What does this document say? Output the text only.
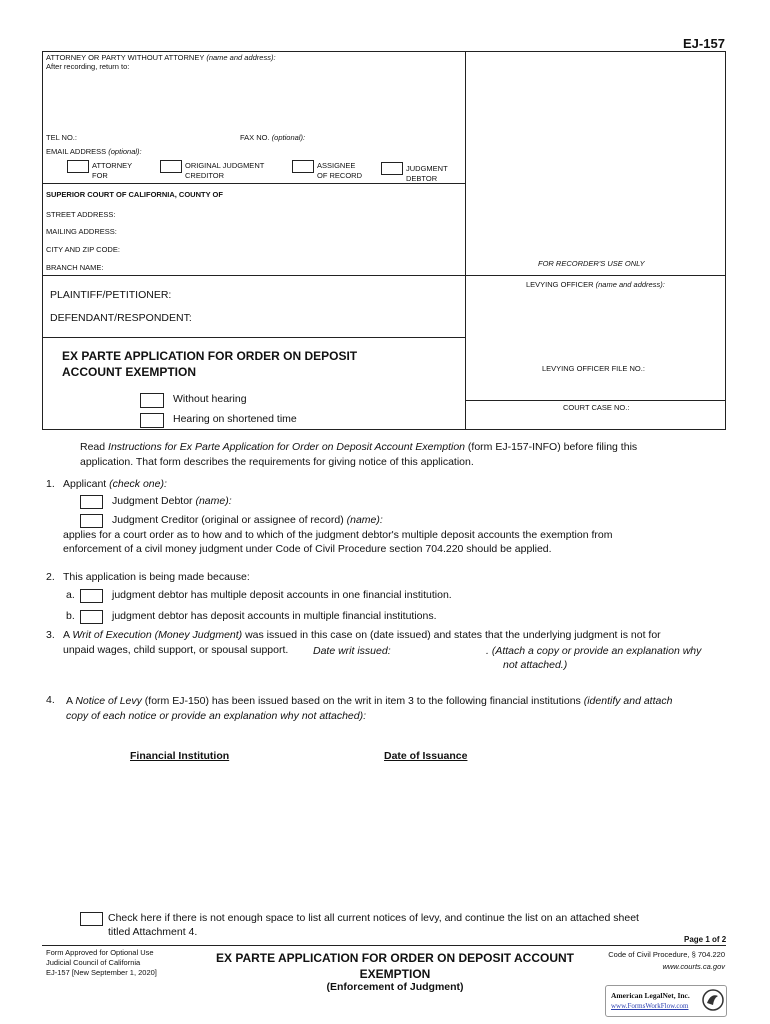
EJ-157
ATTORNEY OR PARTY WITHOUT ATTORNEY (name and address):
After recording, return to:
TEL NO.:	FAX NO. (optional):
EMAIL ADDRESS (optional):
ATTORNEY
FOR
ORIGINAL JUDGMENT
CREDITOR
ASSIGNEE
OF RECORD
JUDGMENT
DEBTOR
SUPERIOR COURT OF CALIFORNIA, COUNTY OF
STREET ADDRESS:
MAILING ADDRESS:
CITY AND ZIP CODE:
BRANCH NAME:	FOR RECORDER'S USE ONLY
LEVYING OFFICER (name and address):
PLAINTIFF/PETITIONER:
DEFENDANT/RESPONDENT:
EX PARTE APPLICATION FOR ORDER ON DEPOSIT
ACCOUNT EXEMPTION
Without hearing
Hearing on shortened time
LEVYING OFFICER FILE NO.:
COURT CASE NO.:
Read Instructions for Ex Parte Application for Order on Deposit Account Exemption (form EJ-157-INFO) before filing this
application. That form describes the requirements for giving notice of this application.
1. Applicant (check one):
Judgment Debtor (name):
Judgment Creditor (original or assignee of record) (name):
applies for a court order as to how and to which of the judgment debtor's multiple deposit accounts the exemption from
enforcement of a civil money judgment under Code of Civil Procedure section 704.220 should be applied.
2. This application is being made because:
a.	judgment debtor has multiple deposit accounts in one financial institution.
b.	judgment debtor has deposit accounts in multiple financial institutions.
3. A Writ of Execution (Money Judgment) was issued in this case on (date issued) and states that the underlying judgment is not for
unpaid wages, child support, or spousal support. Date writ issued:	. (Attach a copy or provide an explanation why
not attached.)
4. A Notice of Levy (form EJ-150) has been issued based on the writ in item 3 to the following financial institutions (identify and attach
copy of each notice or provide an explanation why not attached):
Financial Institution	Date of Issuance
Check here if there is not enough space to list all current notices of levy, and continue the list on an attached sheet
titled Attachment 4.
Page 1 of 2
Form Approved for Optional Use
Judicial Council of California
EJ-157 [New September 1, 2020]
EX PARTE APPLICATION FOR ORDER ON DEPOSIT ACCOUNT
EXEMPTION
(Enforcement of Judgment)
Code of Civil Procedure, § 704.220
www.courts.ca.gov
American LegalNet, Inc.
www.FormsWorkFlow.com
